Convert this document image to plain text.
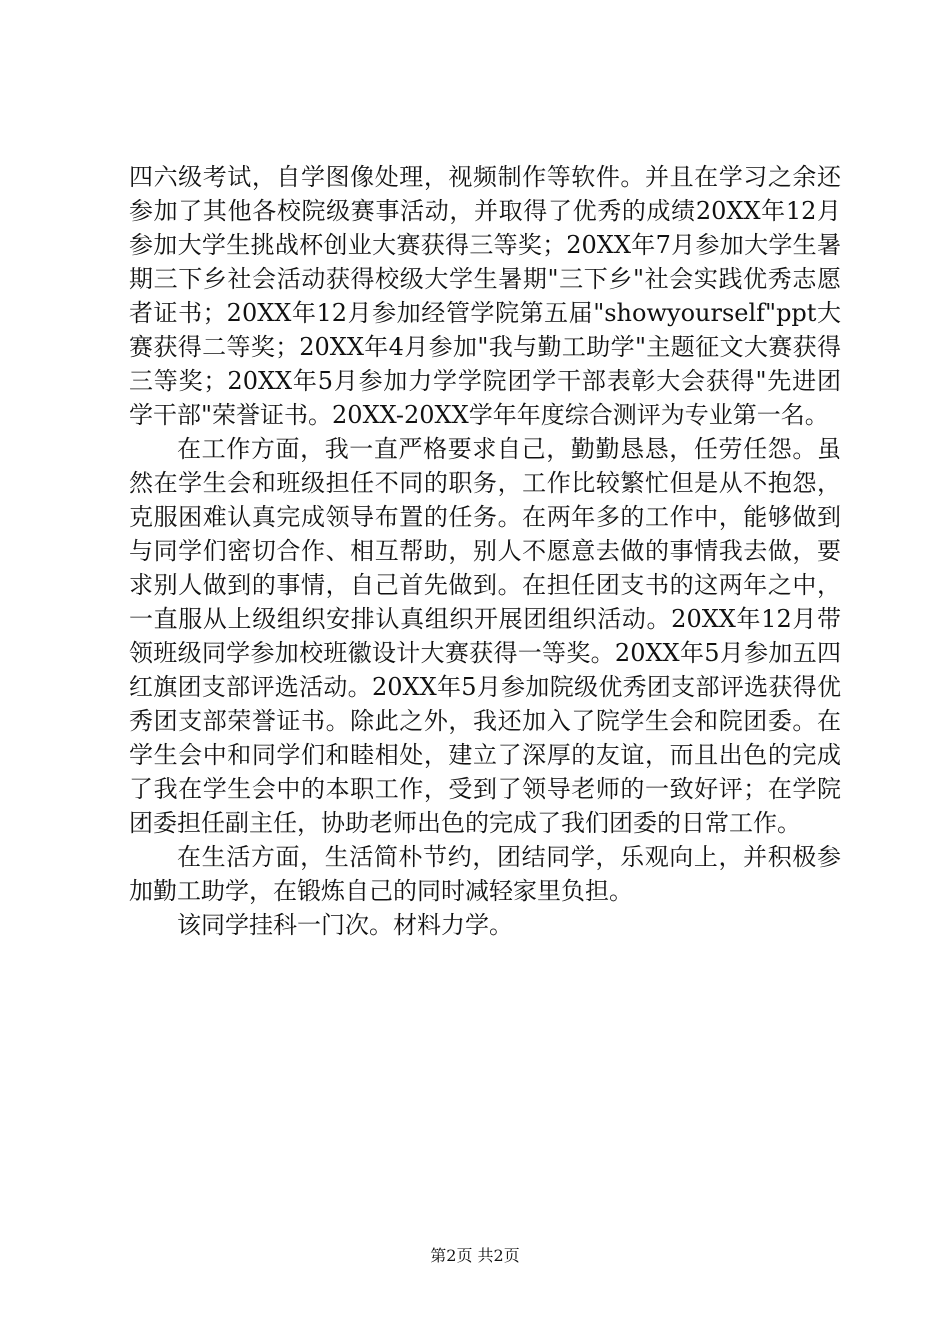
四六级考试，自学图像处理，视频制作等软件。并且在学习之余还参加了其他各校院级赛事活动，并取得了优秀的成绩20XX年12月参加大学生挑战杯创业大赛获得三等奖；20XX年7月参加大学生暑期三下乡社会活动获得校级大学生暑期"三下乡"社会实践优秀志愿者证书；20XX年12月参加经管学院第五届"showyourself"ppt大赛获得二等奖；20XX年4月参加"我与勤工助学"主题征文大赛获得三等奖；20XX年5月参加力学学院团学干部表彰大会获得"先进团学干部"荣誉证书。20XX-20XX学年年度综合测评为专业第一名。

在工作方面，我一直严格要求自己，勤勤恳恳，任劳任怨。虽然在学生会和班级担任不同的职务，工作比较繁忙但是从不抱怨，克服困难认真完成领导布置的任务。在两年多的工作中，能够做到与同学们密切合作、相互帮助，别人不愿意去做的事情我去做，要求别人做到的事情，自己首先做到。在担任团支书的这两年之中，一直服从上级组织安排认真组织开展团组织活动。20XX年12月带领班级同学参加校班徽设计大赛获得一等奖。20XX年5月参加五四红旗团支部评选活动。20XX年5月参加院级优秀团支部评选获得优秀团支部荣誉证书。除此之外，我还加入了院学生会和院团委。在学生会中和同学们和睦相处，建立了深厚的友谊，而且出色的完成了我在学生会中的本职工作，受到了领导老师的一致好评；在学院团委担任副主任，协助老师出色的完成了我们团委的日常工作。

在生活方面，生活简朴节约，团结同学，乐观向上，并积极参加勤工助学，在锻炼自己的同时减轻家里负担。

该同学挂科一门次。材料力学。

第2页 共2页
